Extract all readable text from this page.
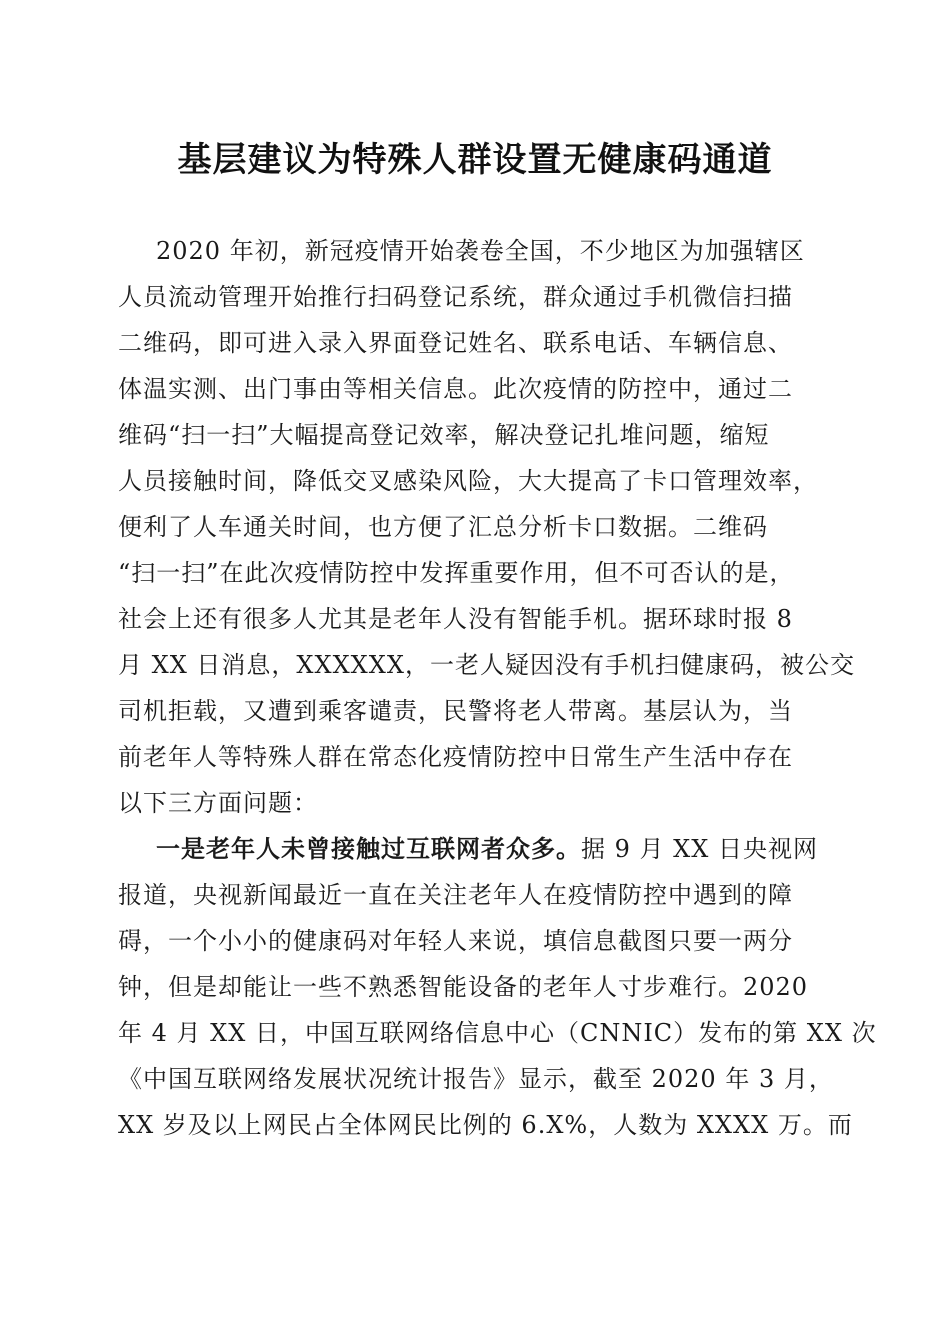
基层建议为特殊人群设置无健康码通道
2020 年初，新冠疫情开始袭卷全国，不少地区为加强辖区
人员流动管理开始推行扫码登记系统，群众通过手机微信扫描
二维码，即可进入录入界面登记姓名、联系电话、车辆信息、
体温实测、出门事由等相关信息。此次疫情的防控中，通过二
维码“扫一扫”大幅提高登记效率，解决登记扎堆问题，缩短
人员接触时间，降低交叉感染风险，大大提高了卡口管理效率，
便利了人车通关时间，也方便了汇总分析卡口数据。二维码
“扫一扫”在此次疫情防控中发挥重要作用，但不可否认的是，
社会上还有很多人尤其是老年人没有智能手机。据环球时报 8
月 XX 日消息，XXXXXX，一老人疑因没有手机扫健康码，被公交
司机拒载，又遭到乘客谴责，民警将老人带离。基层认为，当
前老年人等特殊人群在常态化疫情防控中日常生产生活中存在
以下三方面问题：
一是老年人未曾接触过互联网者众多。据 9 月 XX 日央视网
报道，央视新闻最近一直在关注老年人在疫情防控中遇到的障
碍，一个小小的健康码对年轻人来说，填信息截图只要一两分
钟，但是却能让一些不熟悉智能设备的老年人寸步难行。2020
年 4 月 XX 日，中国互联网络信息中心（CNNIC）发布的第 XX 次
《中国互联网络发展状况统计报告》显示，截至 2020 年 3 月，
XX 岁及以上网民占全体网民比例的 6.X%，人数为 XXXX 万。而
